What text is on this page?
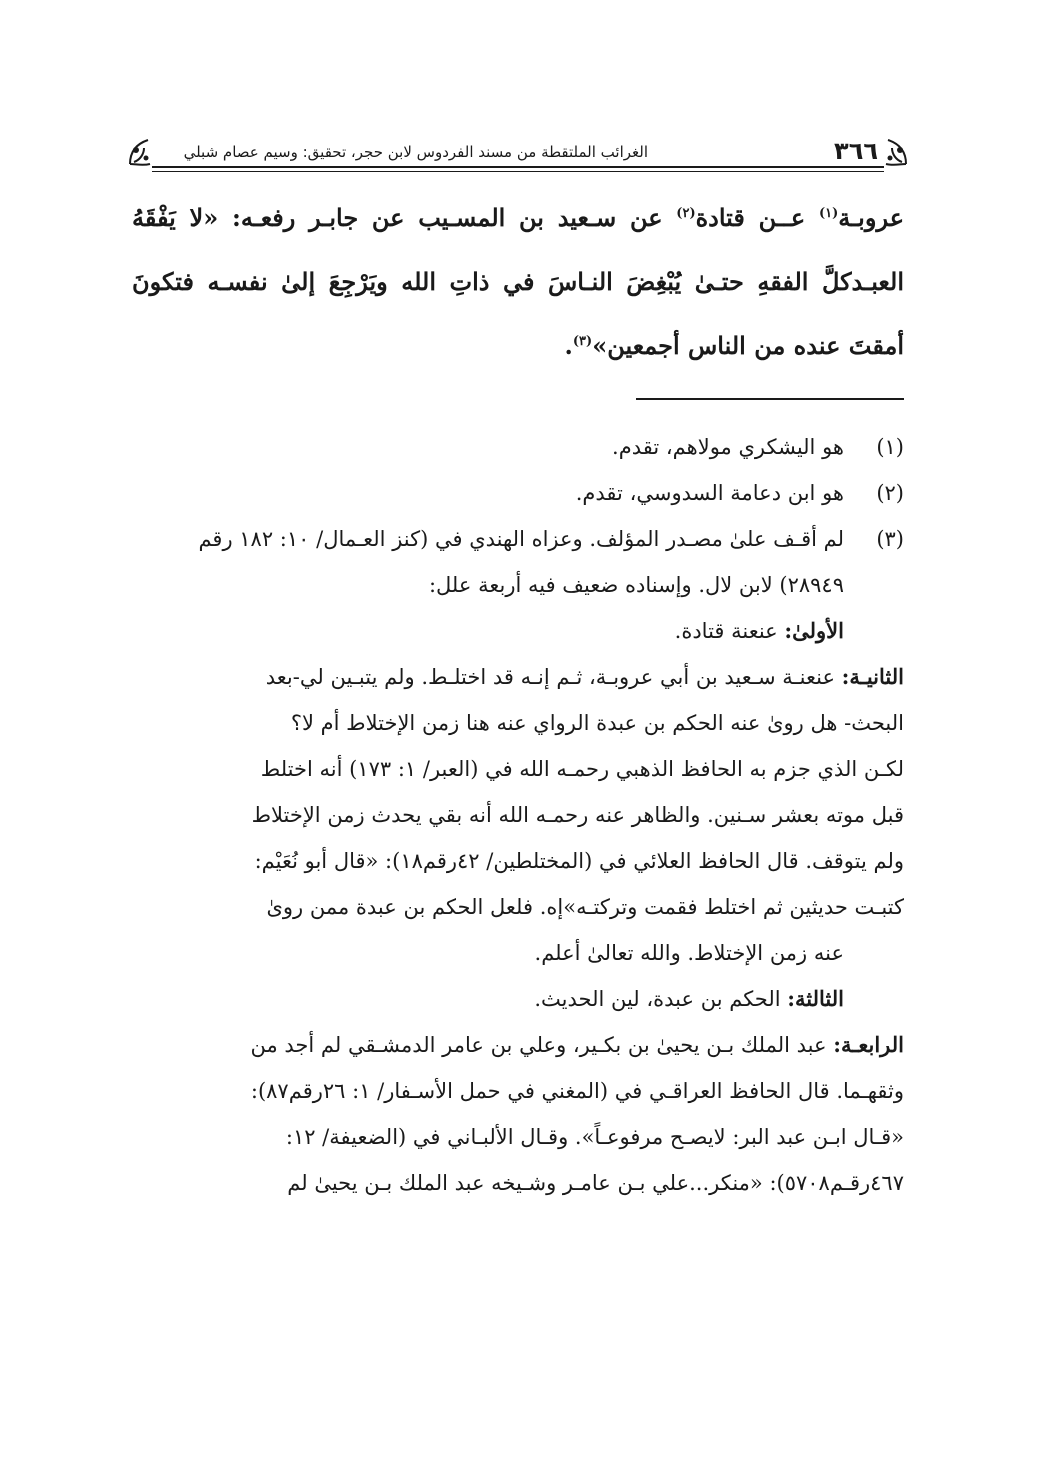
٣٦٦
الغرائب الملتقطة من مسند الفردوس لابن حجر، تحقيق: وسيم عصام شبلي
عروبـة$^{(١)}$ عــن قتادة$^{(٢)}$ عن سـعيد بن المسـيب عن جابـر رفعـه: «لا يَفْقَهُ
العبـدكلَّ الفقهِ حتـىٰ يُبْغِضَ النـاسَ في ذاتِ الله ويَرْجِعَ إلىٰ نفسـه فتكونَ
أمقتَ عنده من الناس أجمعين»$^{(٣)}$.
(١)هو اليشكري مولاهم، تقدم.
(٢)هو ابن دعامة السدوسي، تقدم.
(٣)لم أقـف علىٰ مصـدر المؤلف. وعزاه الهندي في (كنز العـمال/ ١٠: ١٨٢ رقم
٢٨٩٤٩) لابن لال. وإسناده ضعيف فيه أربعة علل:
الأولىٰ: عنعنة قتادة.
الثانيـة: عنعنـة سـعيد بن أبي عروبـة، ثـم إنـه قد اختلـط. ولم يتبـين لي-بعد
البحث- هل روىٰ عنه الحكم بن عبدة الرواي عنه هنا زمن الإختلاط أم لا؟
لكـن الذي جزم به الحافظ الذهبي رحمـه الله في (العبر/ ١: ١٧٣) أنه اختلط
قبل موته بعشر سـنين. والظاهر عنه رحمـه الله أنه بقي يحدث زمن الإختلاط
ولم يتوقف. قال الحافظ العلائي في (المختلطين/ ٤٢رقم١٨): «قال أبو نُعَيْم:
كتبـت حديثين ثم اختلط فقمت وتركتـه»إه. فلعل الحكم بن عبدة ممن روىٰ
عنه زمن الإختلاط. والله تعالىٰ أعلم.
الثالثة: الحكم بن عبدة، لين الحديث.
الرابعـة: عبد الملك بـن يحيىٰ بن بكـير، وعلي بن عامر الدمشـقي لم أجد من
وثقهـما. قال الحافظ العراقـي في (المغني في حمل الأسـفار/ ١: ٢٦رقم٨٧):
«قـال ابـن عبد البر: لايصـح مرفوعـاً». وقـال الألبـاني في (الضعيفة/ ١٢:
٤٦٧رقـم٥٧٠٨): «منكر...علي بـن عامـر وشـيخه عبد الملك بـن يحيىٰ لم
